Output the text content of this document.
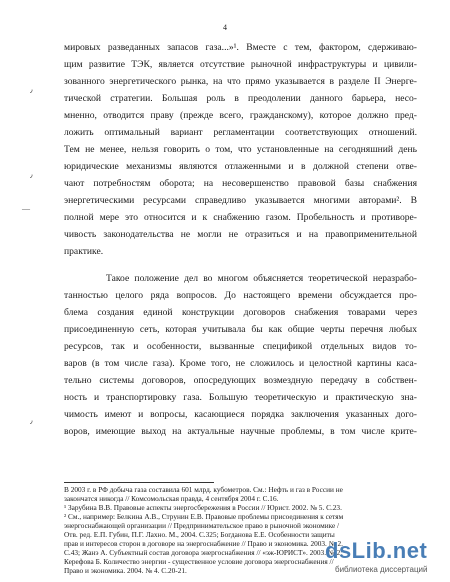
4
٫
٫
—
٫
мировых разведанных запасов газа...»¹. Вместе с тем, фактором, сдерживаю-
щим развитие ТЭК, является отсутствие рыночной инфраструктуры и цивили-
зованного энергетического рынка, на что прямо указывается в разделе II Энерге-
тической стратегии. Большая роль в преодолении данного барьера, несо-
мненно, отводится праву (прежде всего, гражданскому), которое должно пред-
ложить оптимальный вариант регламентации соответствующих отношений.
Тем не менее, нельзя говорить о том, что установленные на сегодняшний день
юридические механизмы являются отлаженными и в должной степени отве-
чают потребностям оборота; на несовершенство правовой базы снабжения
энергетическими ресурсами справедливо указывается многими авторами². В
полной мере это относится и к снабжению газом. Пробельность и противоре-
чивость законодательства не могли не отразиться и на правоприменительной
практике.
Такое положение дел во многом объясняется теоретической неразрабо-
танностью целого ряда вопросов. До настоящего времени обсуждается про-
блема создания единой конструкции договоров снабжения товарами через
присоединенную сеть, которая учитывала бы как общие черты перечня любых
ресурсов, так и особенности, вызванные спецификой отдельных видов то-
варов (в том числе газа). Кроме того, не сложилось и целостной картины каса-
тельно системы договоров, опосредующих возмездную передачу в собствен-
ность и транспортировку газа. Большую теоретическую и практическую зна-
чимость имеют и вопросы, касающиеся порядка заключения указанных дого-
воров, имеющие выход на актуальные научные проблемы, в том числе крите-
В 2003 г. в РФ добыча газа составила 601 млрд. кубометров. См.: Нефть и газ в России не
закончатся никогда // Комсомольская правда, 4 сентября 2004 г. С.16.
¹ Зарубина В.В. Правовые аспекты энергосбережения в России // Юрист. 2002. № 5. С.23.
² См., например: Белкина А.В., Струнин Е.В. Правовые проблемы присоединения к сетям
энергоснабжающей организации // Предпринимательское право в рыночной экономике /
Отв. ред. Е.П. Губин, П.Г. Лахно. М., 2004. С.325; Богданова Е.Е. Особенности защиты
прав и интересов сторон в договоре на энергоснабжение // Право и экономика. 2003. № 2.
С.43; Жанэ А. Субъектный состав договора энергоснабжения // «эж-ЮРИСТ». 2003. № 2;
Керефова Б. Количество энергии - существенное условие договора энергоснабжения //
Право и экономика. 2004. № 4. С.20-21.
dsLib.net
библиотека диссертаций
